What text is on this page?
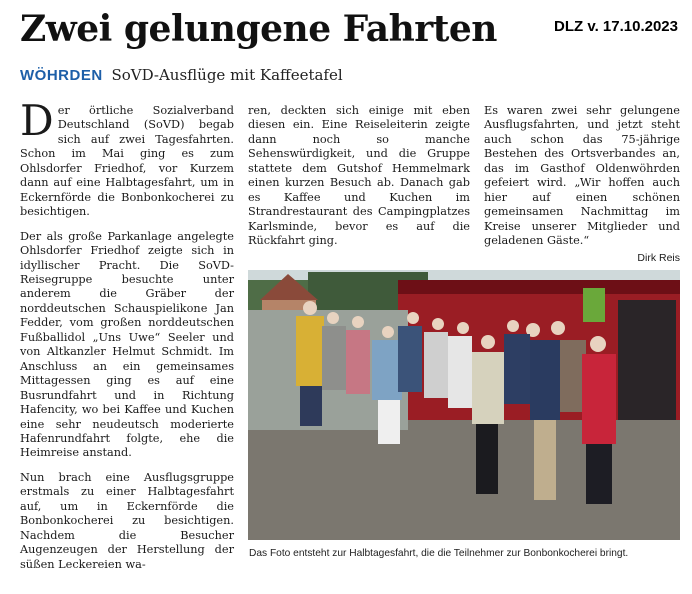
DLZ v. 17.10.2023
Zwei gelungene Fahrten
WÖHRDEN SoVD-Ausflüge mit Kaffeetafel

Der örtliche Sozialverband Deutschland (SoVD) begab sich auf zwei Tagesfahrten. Schon im Mai ging es zum Ohlsdorfer Friedhof, vor Kurzem dann auf eine Halbtagesfahrt, um in Eckernförde die Bonbonkocherei zu besichtigen.

Der als große Parkanlage angelegte Ohlsdorfer Friedhof zeigte sich in idyllischer Pracht. Die SoVD-Reisegruppe besuchte unter anderem die Gräber der norddeutschen Schauspielikone Jan Fedder, vom großen norddeutschen Fußballidol „Uns Uwe“ Seeler und von Altkanzler Helmut Schmidt. Im Anschluss an ein gemeinsames Mittagessen ging es auf eine Busrundfahrt und in Richtung Hafencity, wo bei Kaffee und Kuchen eine sehr neudeutsch moderierte Hafenrundfahrt folgte, ehe die Heimreise anstand.

Nun brach eine Ausflugsgruppe erstmals zu einer Halbtagesfahrt auf, um in Eckernförde die Bonbonkocherei zu besichtigen. Nachdem die Besucher Augenzeugen der Herstellung der süßen Leckereien wa-

ren, deckten sich einige mit eben diesen ein. Eine Reiseleiterin zeigte dann noch so manche Sehenswürdigkeit, und die Gruppe stattete dem Gutshof Hemmelmark einen kurzen Besuch ab. Danach gab es Kaffee und Kuchen im Strandrestaurant des Campingplatzes Karlsminde, bevor es auf die Rückfahrt ging.

Es waren zwei sehr gelungene Ausflugsfahrten, und jetzt steht auch schon das 75-jährige Bestehen des Ortsverbandes an, das im Gasthof Oldenwöhrden gefeiert wird. „Wir hoffen auch hier auf einen schönen gemeinsamen Nachmittag im Kreise unserer Mitglieder und geladenen Gäste.“

Dirk Reis
Das Foto entsteht zur Halbtagesfahrt, die die Teilnehmer zur Bonbonkocherei bringt.
